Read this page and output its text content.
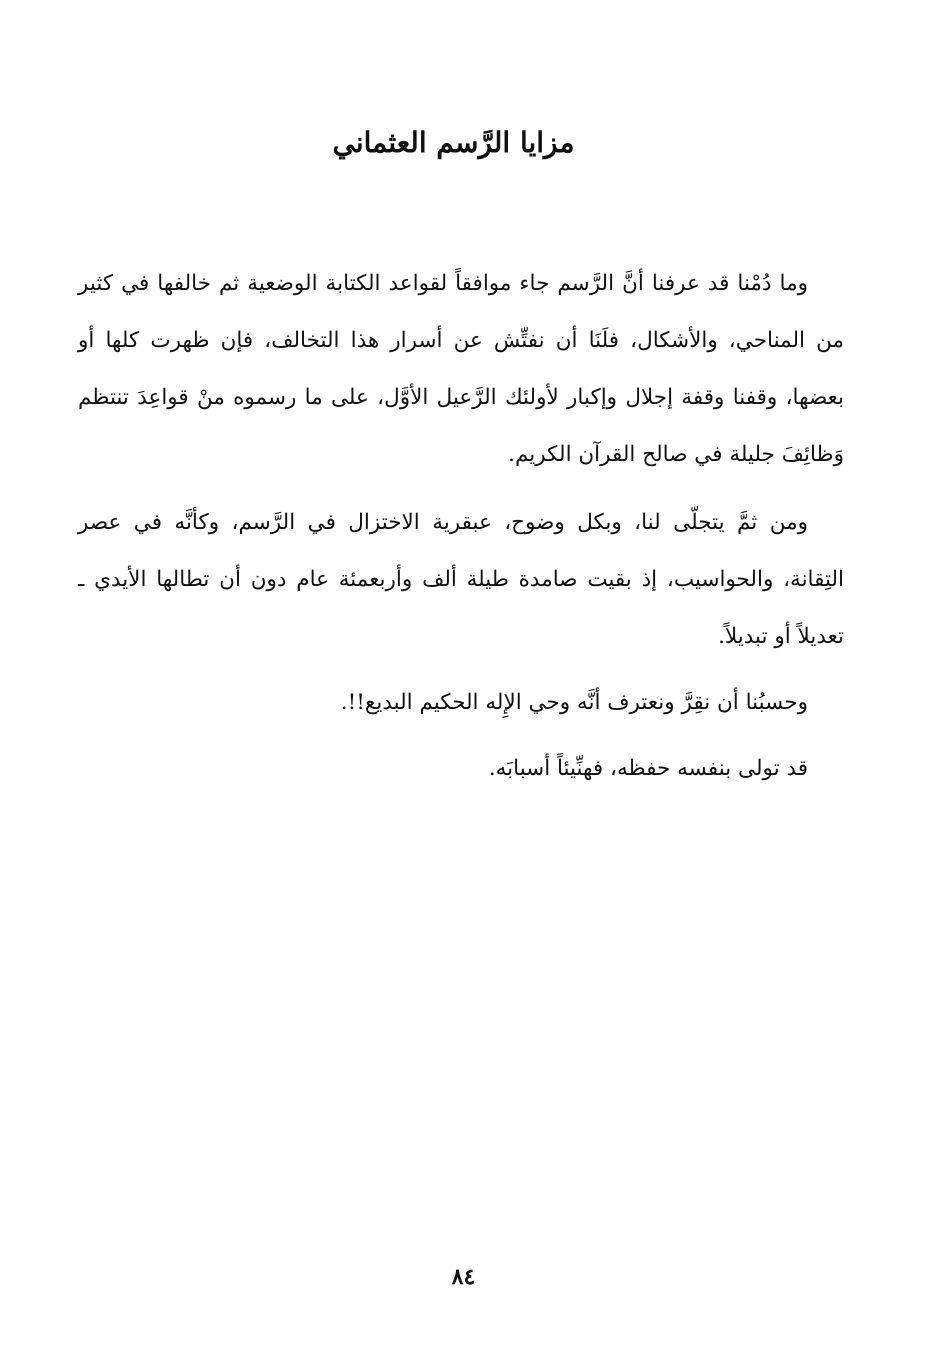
مزايا الرَّسم العثماني

وما دُمْنا قد عرفنا أنَّ الرَّسم جاء موافقاً لقواعد الكتابة الوضعية ثم خالفها في كثير من المناحي، والأشكال، فلَنَا أن نفتِّش عن أسرار هذا التخالف، فإن ظهرت كلها أو بعضها، وقفنا وقفة إجلال وإكبار لأولئك الرَّعيل الأوَّل، على ما رسموه منْ قواعِدَ تنتظم وَظائِفَ جليلة في صالح القرآن الكريم.

ومن ثمَّ يتجلّى لنا، وبكل وضوح، عبقرية الاختزال في الرَّسم، وكأنَّه في عصر التِقانة، والحواسيب، إذ بقيت صامدة طيلة ألف وأربعمئة عام دون أن تطالها الأيدي ـ تعديلاً أو تبديلاً.

وحسبُنا أن نقِرَّ ونعترف أنَّه وحي الإِله الحكيم البديع!!.

قد تولى بنفسه حفظه، فهنِّيئاً أسبابَه.

٨٤
